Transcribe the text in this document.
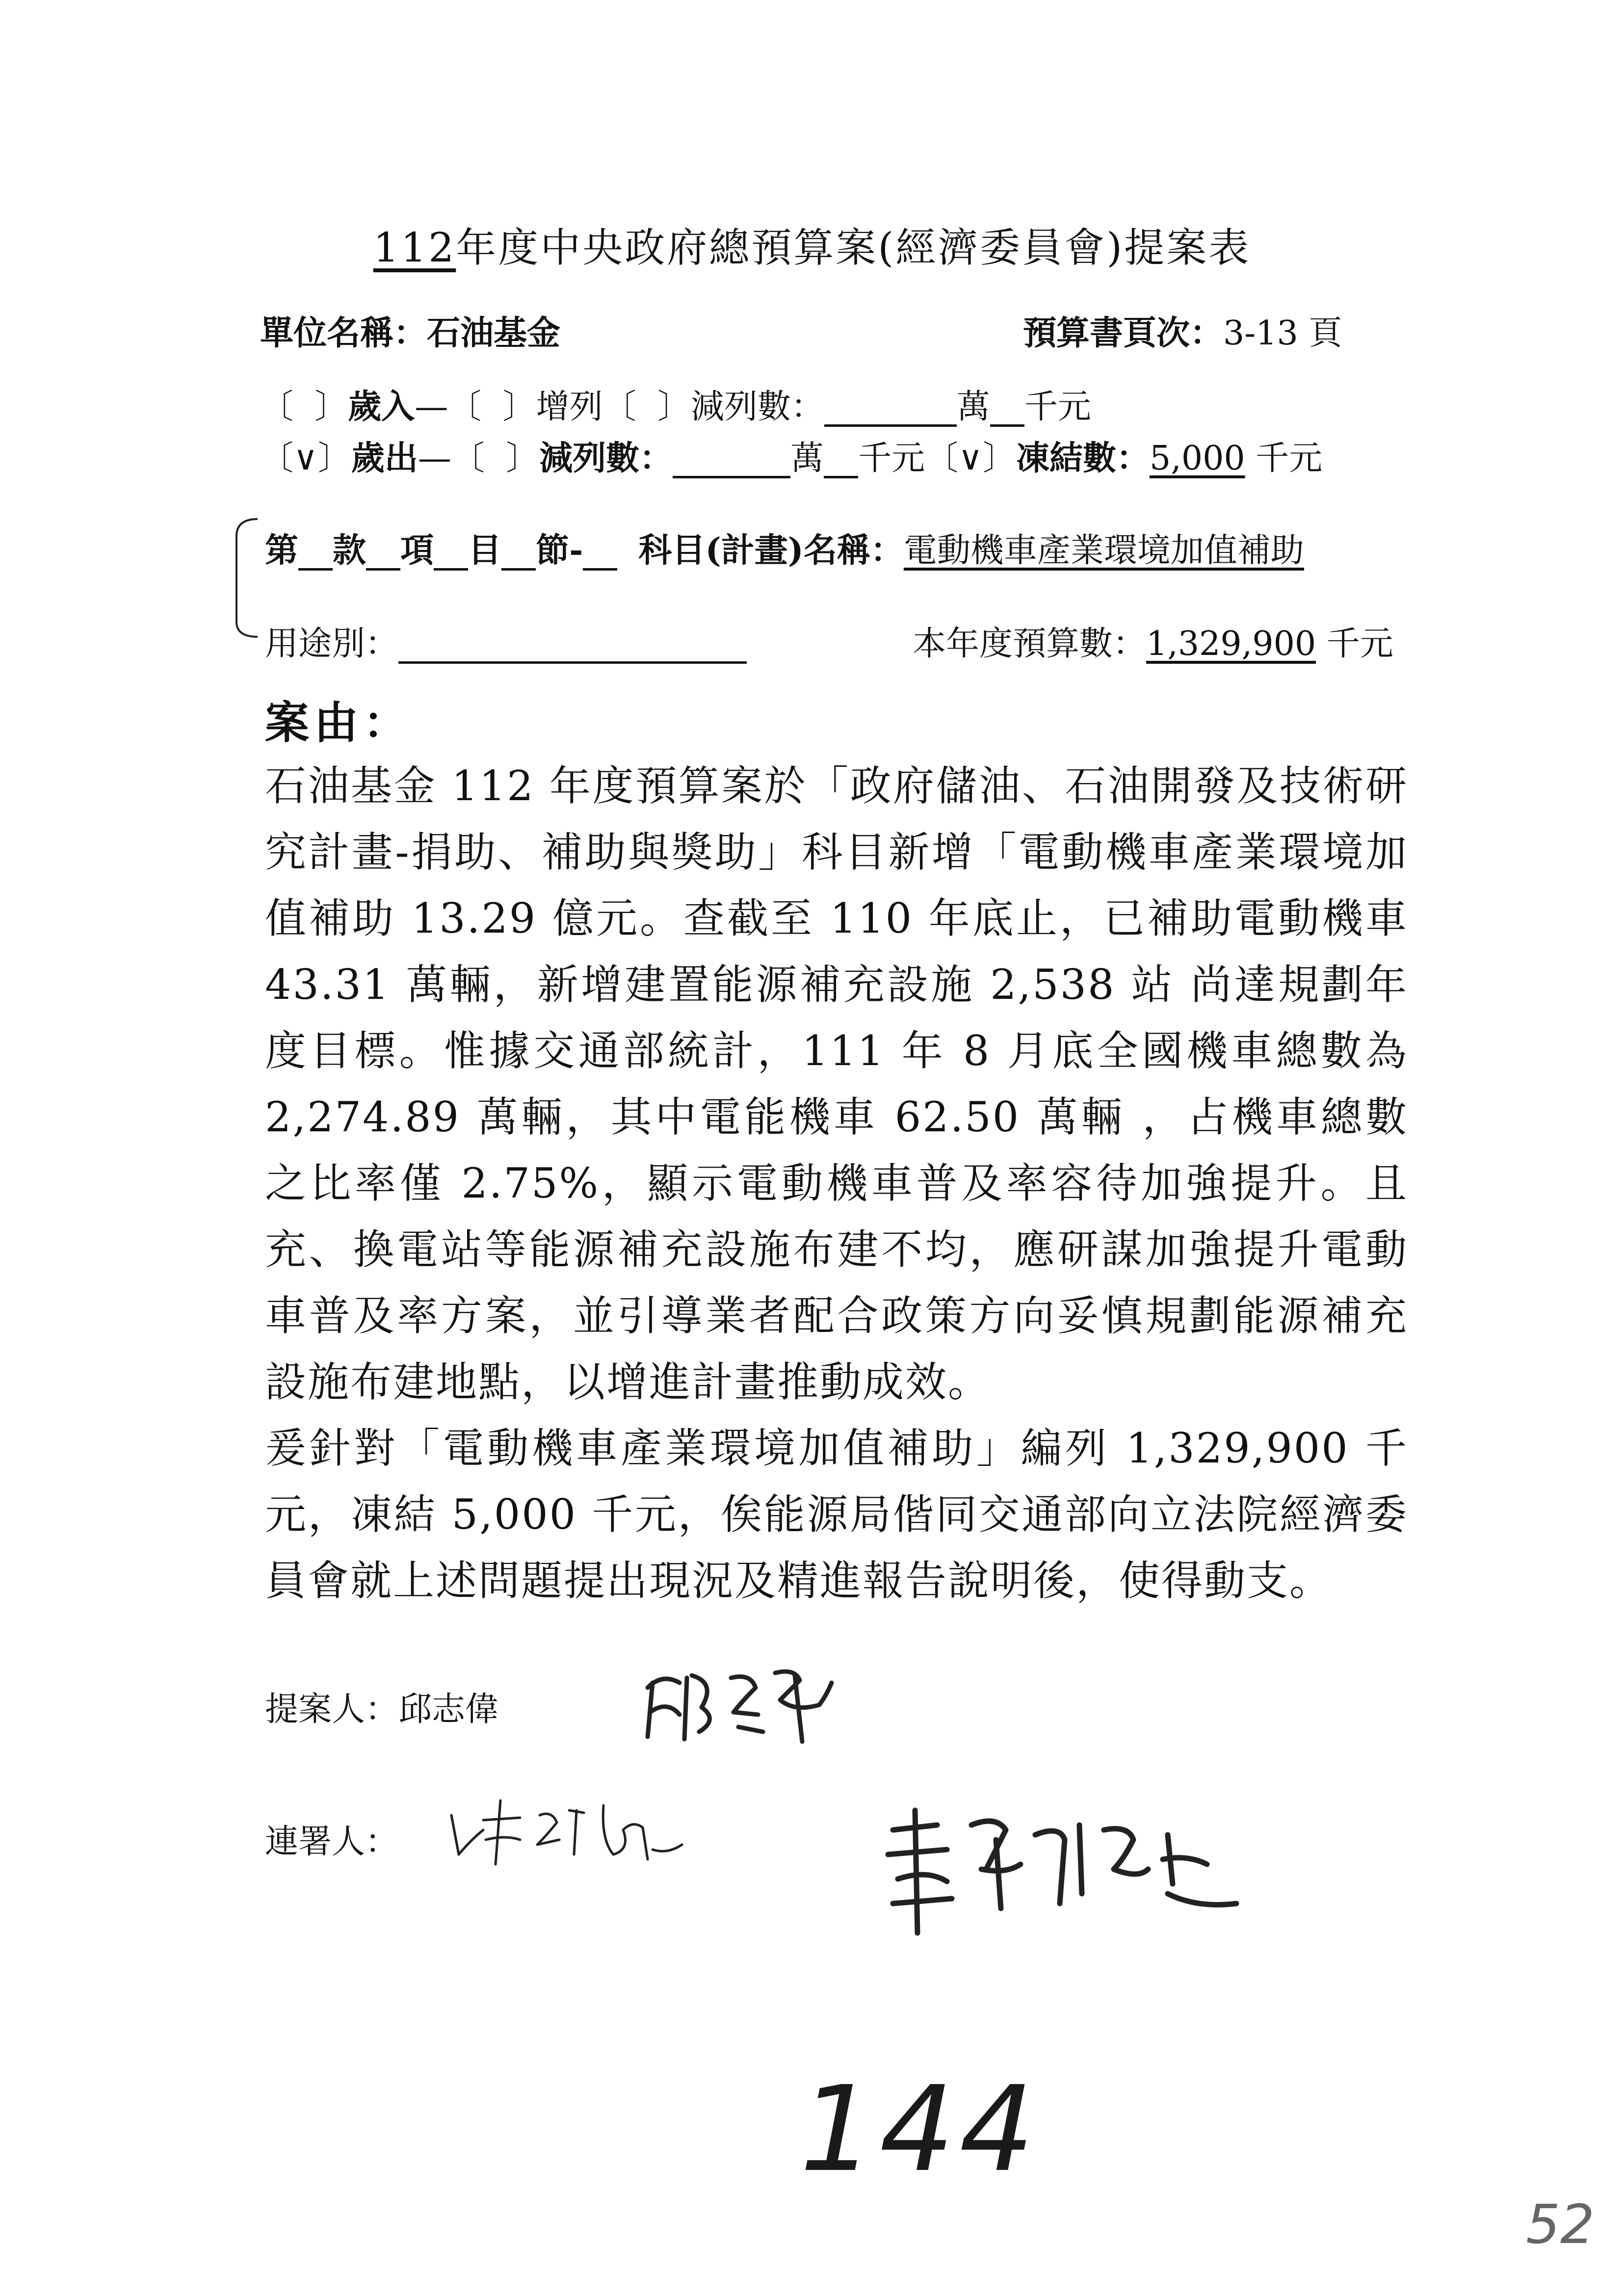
112年度中央政府總預算案(經濟委員會)提案表
單位名稱：石油基金	預算書頁次：3-13 頁
〔 〕歲入—〔 〕增列〔 〕減列數：	萬 千元
〔∨〕歲出—〔 〕減列數：	萬 千元〔∨〕凍結數：5,000 千元
第 款 項 目 節- 科目(計畫)名稱：電動機車產業環境加值補助
用途別：	本年度預算數：1,329,900 千元
案由：
石油基金 112 年度預算案於「政府儲油、石油開發及技術研究計畫-捐助、補助與獎助」科目新增「電動機車產業環境加值補助 13.29 億元。查截至 110 年底止，已補助電動機車 43.31 萬輛，新增建置能源補充設施 2,538 站 尚達規劃年度目標。惟據交通部統計，111 年 8 月底全國機車總數為 2,274.89 萬輛，其中電能機車 62.50 萬輛 ，占機車總數之比率僅 2.75%，顯示電動機車普及率容待加強提升。且充、換電站等能源補充設施布建不均，應研謀加強提升電動車普及率方案，並引導業者配合政策方向妥慎規劃能源補充設施布建地點，以增進計畫推動成效。
爰針對「電動機車產業環境加值補助」編列 1,329,900 千元，凍結 5,000 千元，俟能源局偕同交通部向立法院經濟委員會就上述問題提出現況及精進報告說明後，使得動支。
提案人：邱志偉
連署人：
144
52
